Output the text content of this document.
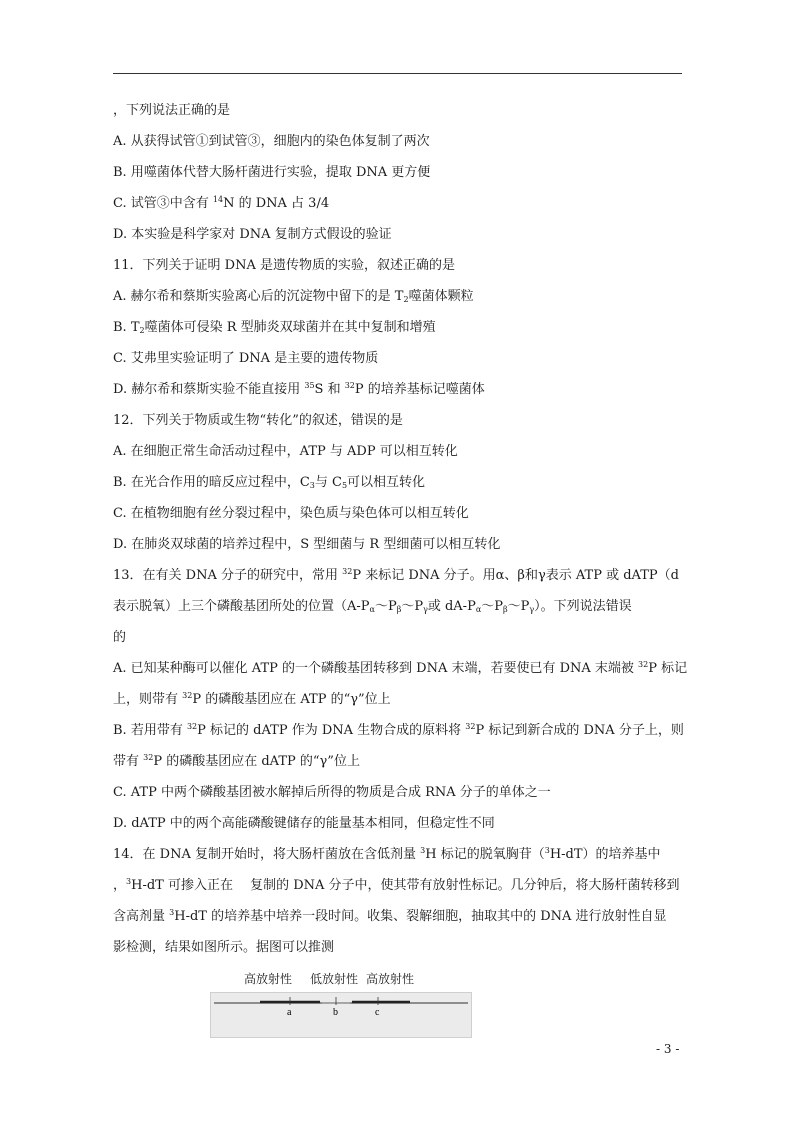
，下列说法正确的是
A. 从获得试管①到试管③，细胞内的染色体复制了两次
B. 用噬菌体代替大肠杆菌进行实验，提取 DNA 更方便
C. 试管③中含有 $^{14}$N 的 DNA 占 3/4
D. 本实验是科学家对 DNA 复制方式假设的验证
11．下列关于证明 DNA 是遗传物质的实验，叙述正确的是
A. 赫尔希和蔡斯实验离心后的沉淀物中留下的是 $T_2$噬菌体颗粒
B. $T_2$噬菌体可侵染 R 型肺炎双球菌并在其中复制和增殖
C. 艾弗里实验证明了 DNA 是主要的遗传物质
D. 赫尔希和蔡斯实验不能直接用 $^{35}$S 和 $^{32}$P 的培养基标记噬菌体
12．下列关于物质或生物“转化”的叙述，错误的是
A. 在细胞正常生命活动过程中，ATP 与 ADP 可以相互转化
B. 在光合作用的暗反应过程中，$C_3$与 $C_5$可以相互转化
C. 在植物细胞有丝分裂过程中，染色质与染色体可以相互转化
D. 在肺炎双球菌的培养过程中，S 型细菌与 R 型细菌可以相互转化
13．在有关 DNA 分子的研究中，常用 $^{32}$P 来标记 DNA 分子。用α、β和γ表示 ATP 或 dATP（d
表示脱氧）上三个磷酸基团所处的位置（$A-P_\alpha\sim P_\beta\sim P_\gamma$或 $dA-P_\alpha\sim P_\beta\sim P_\gamma$）。下列说法错误
的
A. 已知某种酶可以催化 ATP 的一个磷酸基团转移到 DNA 末端，若要使已有 DNA 末端被 $^{32}$P 标记
上，则带有 $^{32}$P 的磷酸基团应在 ATP 的“γ”位上
B. 若用带有 $^{32}$P 标记的 dATP 作为 DNA 生物合成的原料将 $^{32}$P 标记到新合成的 DNA 分子上，则
带有 $^{32}$P 的磷酸基团应在 dATP 的“γ”位上
C. ATP 中两个磷酸基团被水解掉后所得的物质是合成 RNA 分子的单体之一
D. dATP 中的两个高能磷酸键储存的能量基本相同，但稳定性不同
14．在 DNA 复制开始时，将大肠杆菌放在含低剂量 $^3$H 标记的脱氧胸苷（$^3$H-dT）的培养基中
，$^3$H-dT 可掺入正在　 复制的 DNA 分子中，使其带有放射性标记。几分钟后，将大肠杆菌转移到
含高剂量 $^3$H-dT 的培养基中培养一段时间。收集、裂解细胞，抽取其中的 DNA 进行放射性自显
影检测，结果如图所示。据图可以推测
高放射性 低放射性 高放射性
a	b	c
- 3 -
